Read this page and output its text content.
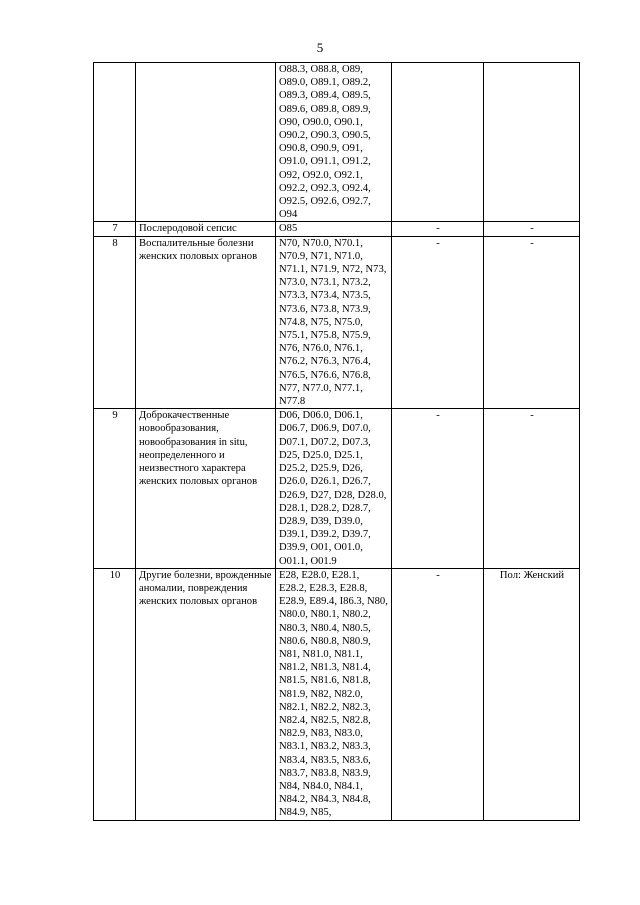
5
		O88.3, O88.8, O89, O89.0, O89.1, O89.2, O89.3, O89.4, O89.5, O89.6, O89.8, O89.9, O90, O90.0, O90.1, O90.2, O90.3, O90.5, O90.8, O90.9, O91, O91.0, O91.1, O91.2, O92, O92.0, O92.1, O92.2, O92.3, O92.4, O92.5, O92.6, O92.7, O94		
7	Послеродовой сепсис	O85	-	-
8	Воспалительные болезни женских половых органов	N70, N70.0, N70.1, N70.9, N71, N71.0, N71.1, N71.9, N72, N73, N73.0, N73.1, N73.2, N73.3, N73.4, N73.5, N73.6, N73.8, N73.9, N74.8, N75, N75.0, N75.1, N75.8, N75.9, N76, N76.0, N76.1, N76.2, N76.3, N76.4, N76.5, N76.6, N76.8, N77, N77.0, N77.1, N77.8	-	-
9	Доброкачественные новообразования, новообразования in situ, неопределенного и неизвестного характера женских половых органов	D06, D06.0, D06.1, D06.7, D06.9, D07.0, D07.1, D07.2, D07.3, D25, D25.0, D25.1, D25.2, D25.9, D26, D26.0, D26.1, D26.7, D26.9, D27, D28, D28.0, D28.1, D28.2, D28.7, D28.9, D39, D39.0, D39.1, D39.2, D39.7, D39.9, O01, O01.0, O01.1, O01.9	-	-
10	Другие болезни, врожденные аномалии, повреждения женских половых органов	E28, E28.0, E28.1, E28.2, E28.3, E28.8, E28.9, E89.4, I86.3, N80, N80.0, N80.1, N80.2, N80.3, N80.4, N80.5, N80.6, N80.8, N80.9, N81, N81.0, N81.1, N81.2, N81.3, N81.4, N81.5, N81.6, N81.8, N81.9, N82, N82.0, N82.1, N82.2, N82.3, N82.4, N82.5, N82.8, N82.9, N83, N83.0, N83.1, N83.2, N83.3, N83.4, N83.5, N83.6, N83.7, N83.8, N83.9, N84, N84.0, N84.1, N84.2, N84.3, N84.8, N84.9, N85,	-	Пол: Женский
